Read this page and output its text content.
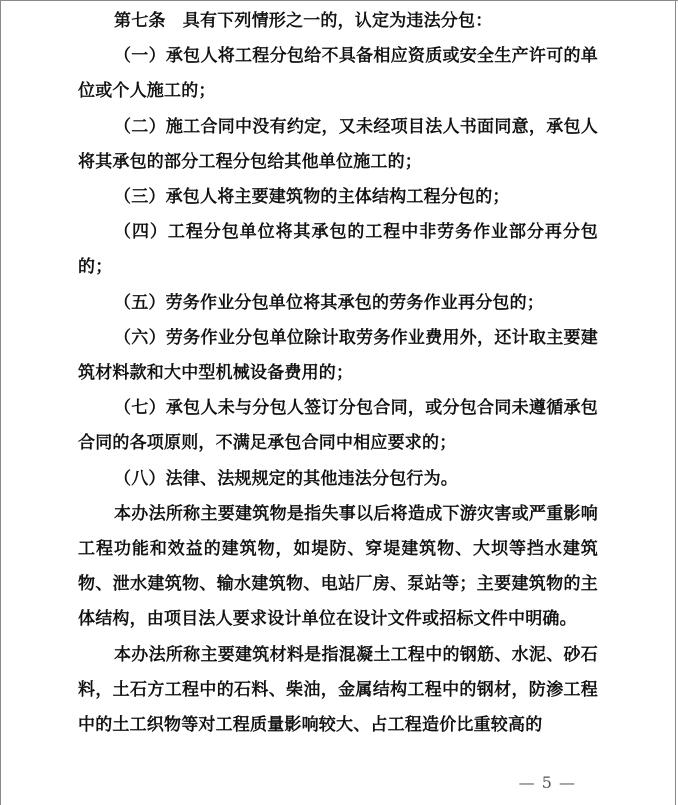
第七条　具有下列情形之一的，认定为违法分包：

（一）承包人将工程分包给不具备相应资质或安全生产许可的单位或个人施工的；

（二）施工合同中没有约定，又未经项目法人书面同意，承包人将其承包的部分工程分包给其他单位施工的；

（三）承包人将主要建筑物的主体结构工程分包的；

（四）工程分包单位将其承包的工程中非劳务作业部分再分包的；

（五）劳务作业分包单位将其承包的劳务作业再分包的；

（六）劳务作业分包单位除计取劳务作业费用外，还计取主要建筑材料款和大中型机械设备费用的；

（七）承包人未与分包人签订分包合同，或分包合同未遵循承包合同的各项原则，不满足承包合同中相应要求的；

（八）法律、法规规定的其他违法分包行为。

本办法所称主要建筑物是指失事以后将造成下游灾害或严重影响工程功能和效益的建筑物，如堤防、穿堤建筑物、大坝等挡水建筑物、泄水建筑物、输水建筑物、电站厂房、泵站等；主要建筑物的主体结构，由项目法人要求设计单位在设计文件或招标文件中明确。

本办法所称主要建筑材料是指混凝土工程中的钢筋、水泥、砂石料，土石方工程中的石料、柴油，金属结构工程中的钢材，防渗工程中的土工织物等对工程质量影响较大、占工程造价比重较高的

— 5 —
